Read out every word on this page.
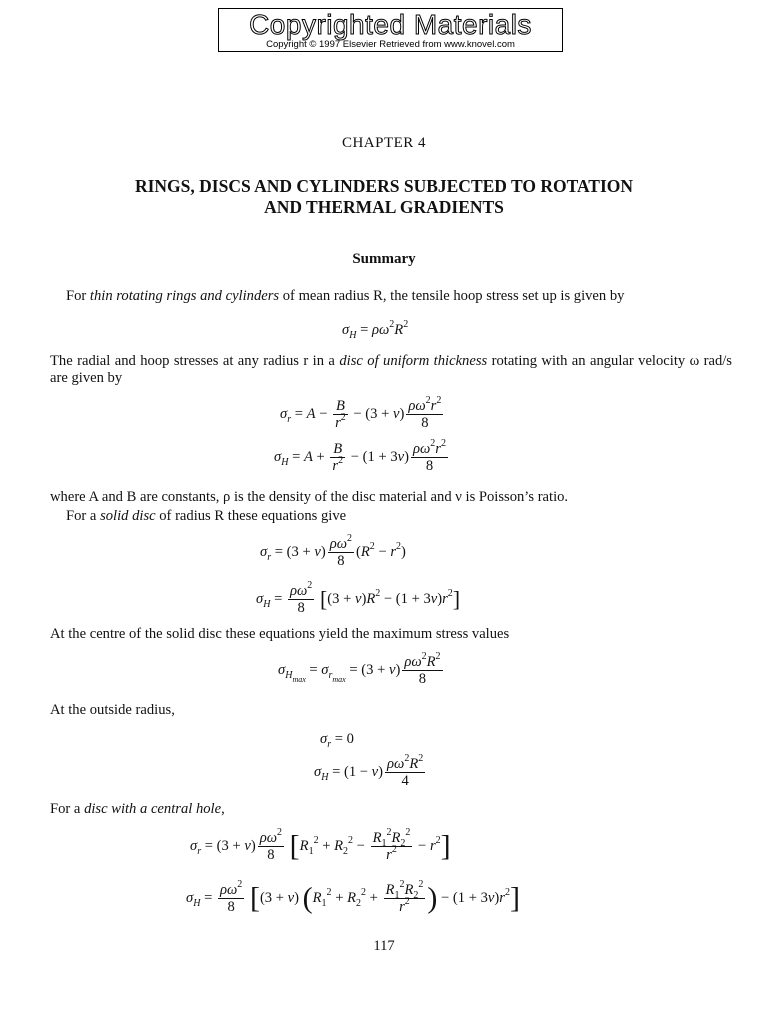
Copyrighted Materials
Copyright © 1997 Elsevier Retrieved from www.knovel.com
CHAPTER 4
RINGS, DISCS AND CYLINDERS SUBJECTED TO ROTATION
AND THERMAL GRADIENTS
Summary
For thin rotating rings and cylinders of mean radius R, the tensile hoop stress set up is given by
$\sigma_H = \rho\omega^2R^2$
The radial and hoop stresses at any radius r in a disc of uniform thickness rotating with an angular velocity ω rad/s are given by
$\sigma_r = A - \frac{B}{r^2} - (3 + \nu) \frac{\rho\omega^2r^2}{8}$
$\sigma_H = A + \frac{B}{r^2} - (1 + 3\nu) \frac{\rho\omega^2r^2}{8}$
where A and B are constants, ρ is the density of the disc material and ν is Poisson’s ratio.
For a solid disc of radius R these equations give
$\sigma_r = (3 + \nu) \frac{\rho\omega^2}{8} (R^2 - r^2)$
$\sigma_H = \frac{\rho\omega^2}{8} [(3 + \nu)R^2 - (1 + 3\nu)r^2]$
At the centre of the solid disc these equations yield the maximum stress values
$\sigma_{H_{max}} = \sigma_{r_{max}} = (3 + \nu) \frac{\rho\omega^2R^2}{8}$
At the outside radius,
$\sigma_r = 0$
$\sigma_H = (1 - \nu) \frac{\rho\omega^2R^2}{4}$
For a disc with a central hole,
$\sigma_r = (3 + \nu) \frac{\rho\omega^2}{8} [R_1^2 + R_2^2 - \frac{R_1^2R_2^2}{r^2} - r^2]$
$\sigma_H = \frac{\rho\omega^2}{8} [(3 + \nu) (R_1^2 + R_2^2 + \frac{R_1^2R_2^2}{r^2}$ ) − $(1 + 3\nu)r^2$]
117
